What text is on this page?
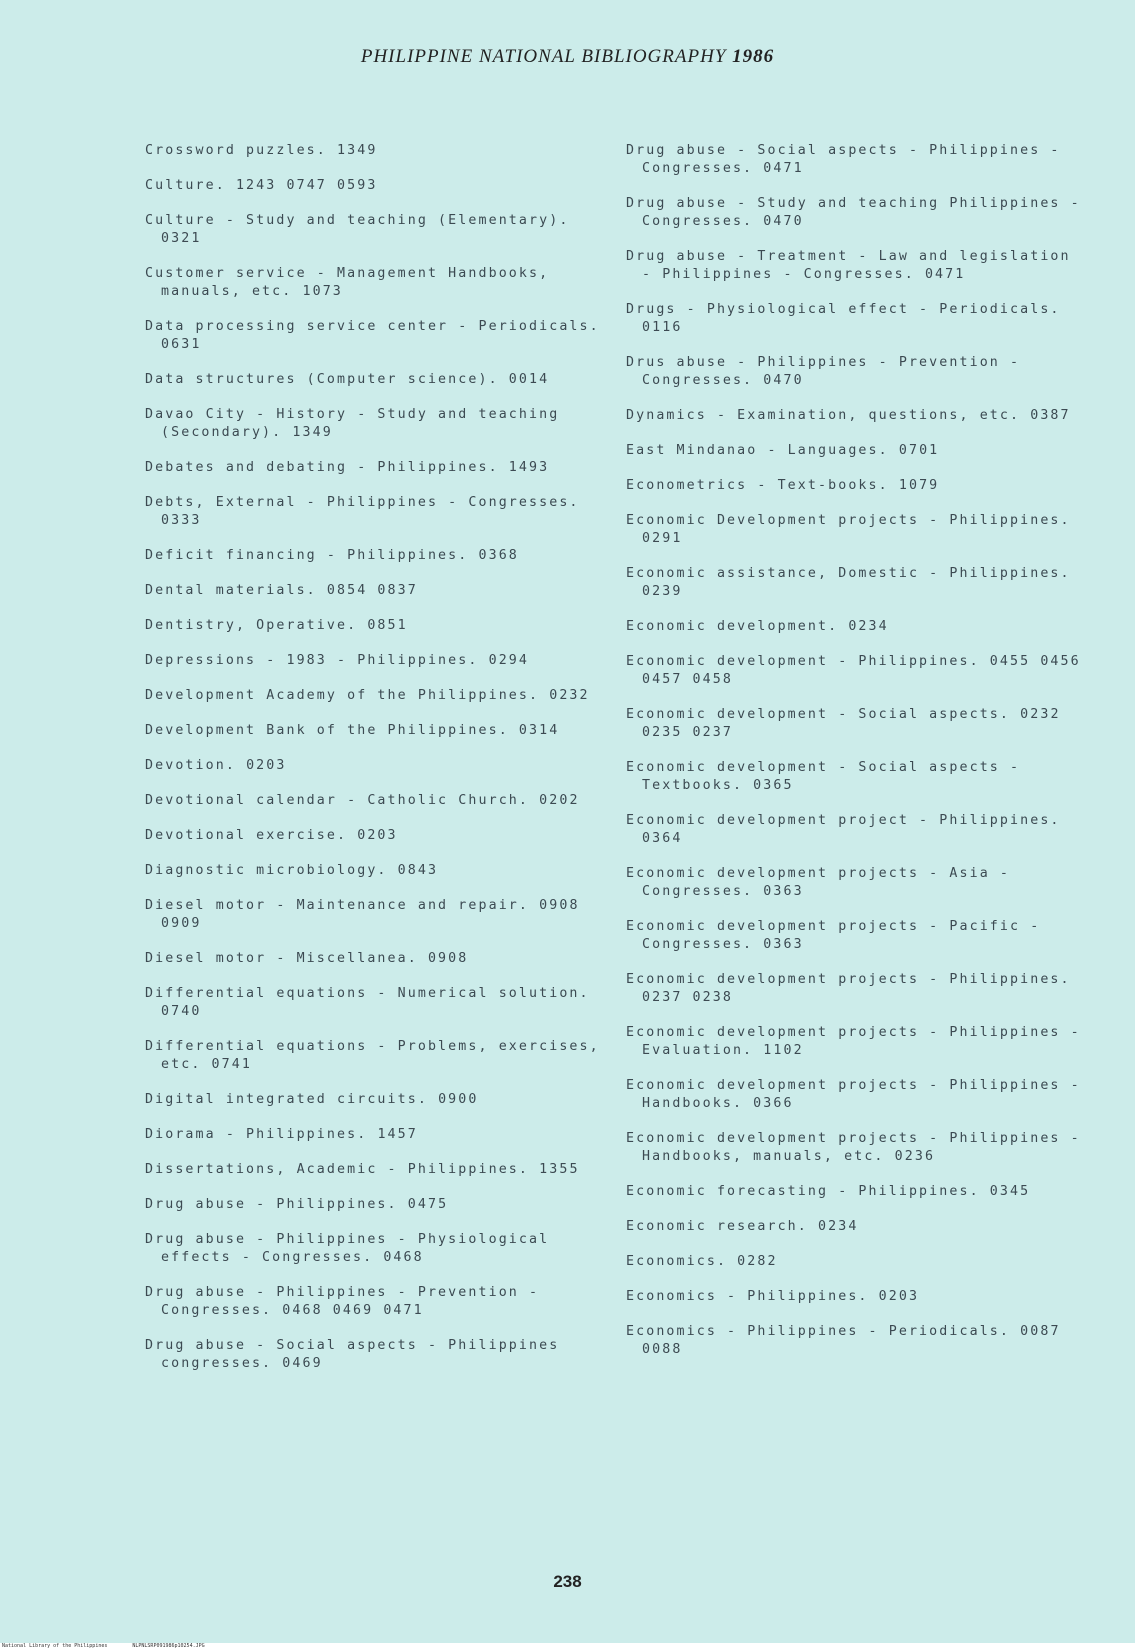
PHILIPPINE NATIONAL BIBLIOGRAPHY 1986
Crossword puzzles. 1349
Culture. 1243 0747 0593
Culture - Study and teaching (Elementary). 0321
Customer service - Management Handbooks, manuals, etc. 1073
Data processing service center - Periodicals. 0631
Data structures (Computer science). 0014
Davao City - History - Study and teaching (Secondary). 1349
Debates and debating - Philippines. 1493
Debts, External - Philippines - Congresses. 0333
Deficit financing - Philippines. 0368
Dental materials. 0854 0837
Dentistry, Operative. 0851
Depressions - 1983 - Philippines. 0294
Development Academy of the Philippines. 0232
Development Bank of the Philippines. 0314
Devotion. 0203
Devotional calendar - Catholic Church. 0202
Devotional exercise. 0203
Diagnostic microbiology. 0843
Diesel motor - Maintenance and repair. 0908 0909
Diesel motor - Miscellanea. 0908
Differential equations - Numerical solution. 0740
Differential equations - Problems, exercises, etc. 0741
Digital integrated circuits. 0900
Diorama - Philippines. 1457
Dissertations, Academic - Philippines. 1355
Drug abuse - Philippines. 0475
Drug abuse - Philippines - Physiological effects - Congresses. 0468
Drug abuse - Philippines - Prevention - Congresses. 0468 0469 0471
Drug abuse - Social aspects - Philippines congresses. 0469
Drug abuse - Social aspects - Philippines - Congresses. 0471
Drug abuse - Study and teaching Philippines - Congresses. 0470
Drug abuse - Treatment - Law and legislation - Philippines - Congresses. 0471
Drugs - Physiological effect - Periodicals. 0116
Drus abuse - Philippines - Prevention - Congresses. 0470
Dynamics - Examination, questions, etc. 0387
East Mindanao - Languages. 0701
Econometrics - Text-books. 1079
Economic Development projects - Philippines. 0291
Economic assistance, Domestic - Philippines. 0239
Economic development. 0234
Economic development - Philippines. 0455 0456 0457 0458
Economic development - Social aspects. 0232 0235 0237
Economic development - Social aspects - Textbooks. 0365
Economic development project - Philippines. 0364
Economic development projects - Asia - Congresses. 0363
Economic development projects - Pacific - Congresses. 0363
Economic development projects - Philippines. 0237 0238
Economic development projects - Philippines - Evaluation. 1102
Economic development projects - Philippines - Handbooks. 0366
Economic development projects - Philippines - Handbooks, manuals, etc. 0236
Economic forecasting - Philippines. 0345
Economic research. 0234
Economics. 0282
Economics - Philippines. 0203
Economics - Philippines - Periodicals. 0087 0088
238
National Library of the Philippines	NLPNLSRP091986p10254.JPG
